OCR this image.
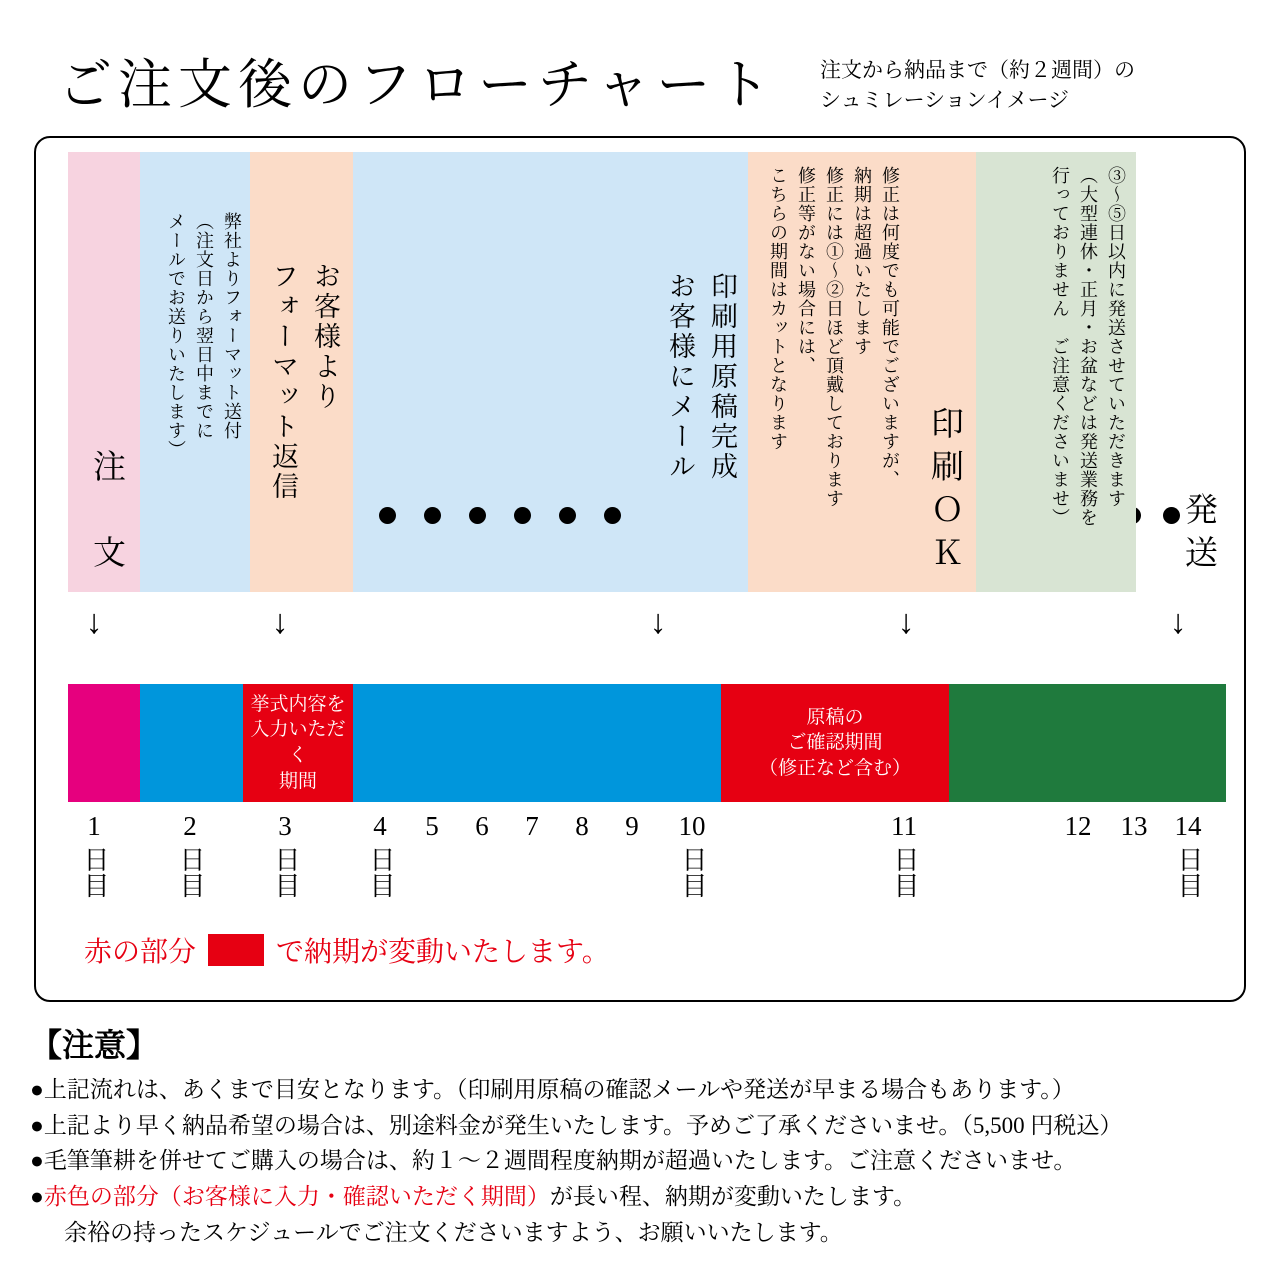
ご注文後のフローチャート 注文から納品まで（約２週間）の
シュミレーションイメージ
注　文
弊社よりフォーマット送付
（注文日から翌日中までに
メールでお送りいたします）	お客様より
フォーマット返信	印刷用原稿完成
お客様にメール	修正は何度でも可能でございますが、
納期は超過いたします
修正には①～②日ほど頂戴しております
修正等がない場合には、
こちらの期間はカットとなります
印刷ＯＫ	③～⑤日以内に発送させていただきます
（大型連休・正月・お盆などは発送業務を
行っておりません　ご注意くださいませ）
発送
↓	↓	↓	↓	↓
挙式内容を
入力いただく
期間
原稿の
ご確認期間
（修正など含む）
1
日目
2
日目
3
日目
4
日目
5 6 7 8 9 10
日目
11
日目
12 13 14
日目
赤の部分	で納期が変動いたします。
【注意】
●上記流れは、あくまで目安となります。（印刷用原稿の確認メールや発送が早まる場合もあります。）
●上記より早く納品希望の場合は、別途料金が発生いたします。予めご了承くださいませ。（5,500 円税込）
●毛筆筆耕を併せてご購入の場合は、約１～２週間程度納期が超過いたします。ご注意くださいませ。
●赤色の部分（お客様に入力・確認いただく期間）が長い程、納期が変動いたします。
余裕の持ったスケジュールでご注文くださいますよう、お願いいたします。
